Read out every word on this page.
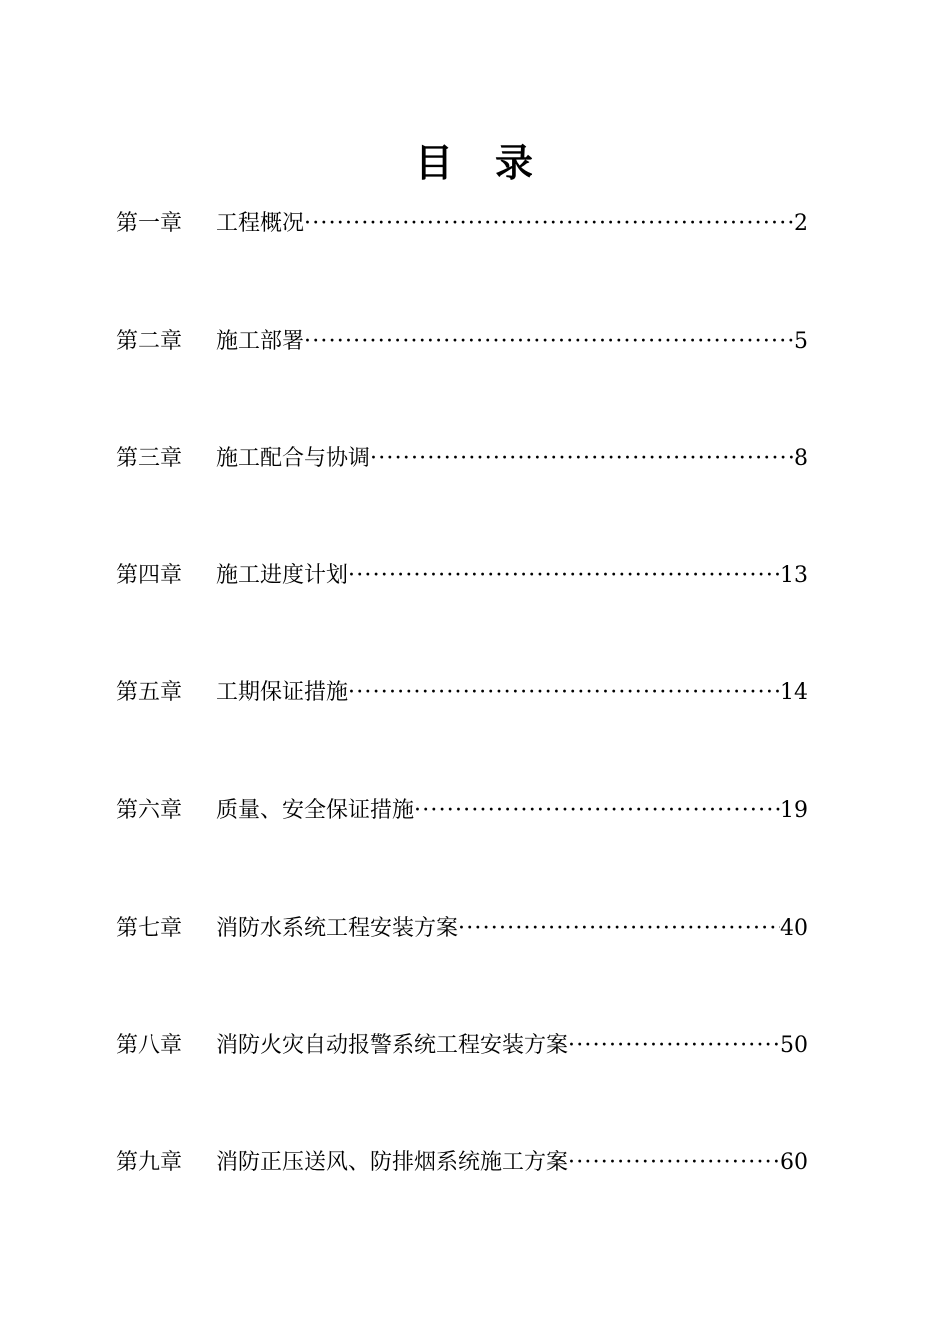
目 录
第一章	工程概况 ·····	2
第二章	施工部署 ·····	5
第三章	施工配合与协调 ·····	8
第四章	施工进度计划 ·····	13
第五章	工期保证措施 ·····	14
第六章	质量、安全保证措施 ·····	19
第七章	消防水系统工程安装方案 ·····	40
第八章	消防火灾自动报警系统工程安装方案 ·····	50
第九章	消防正压送风、防排烟系统施工方案 ·····	60
